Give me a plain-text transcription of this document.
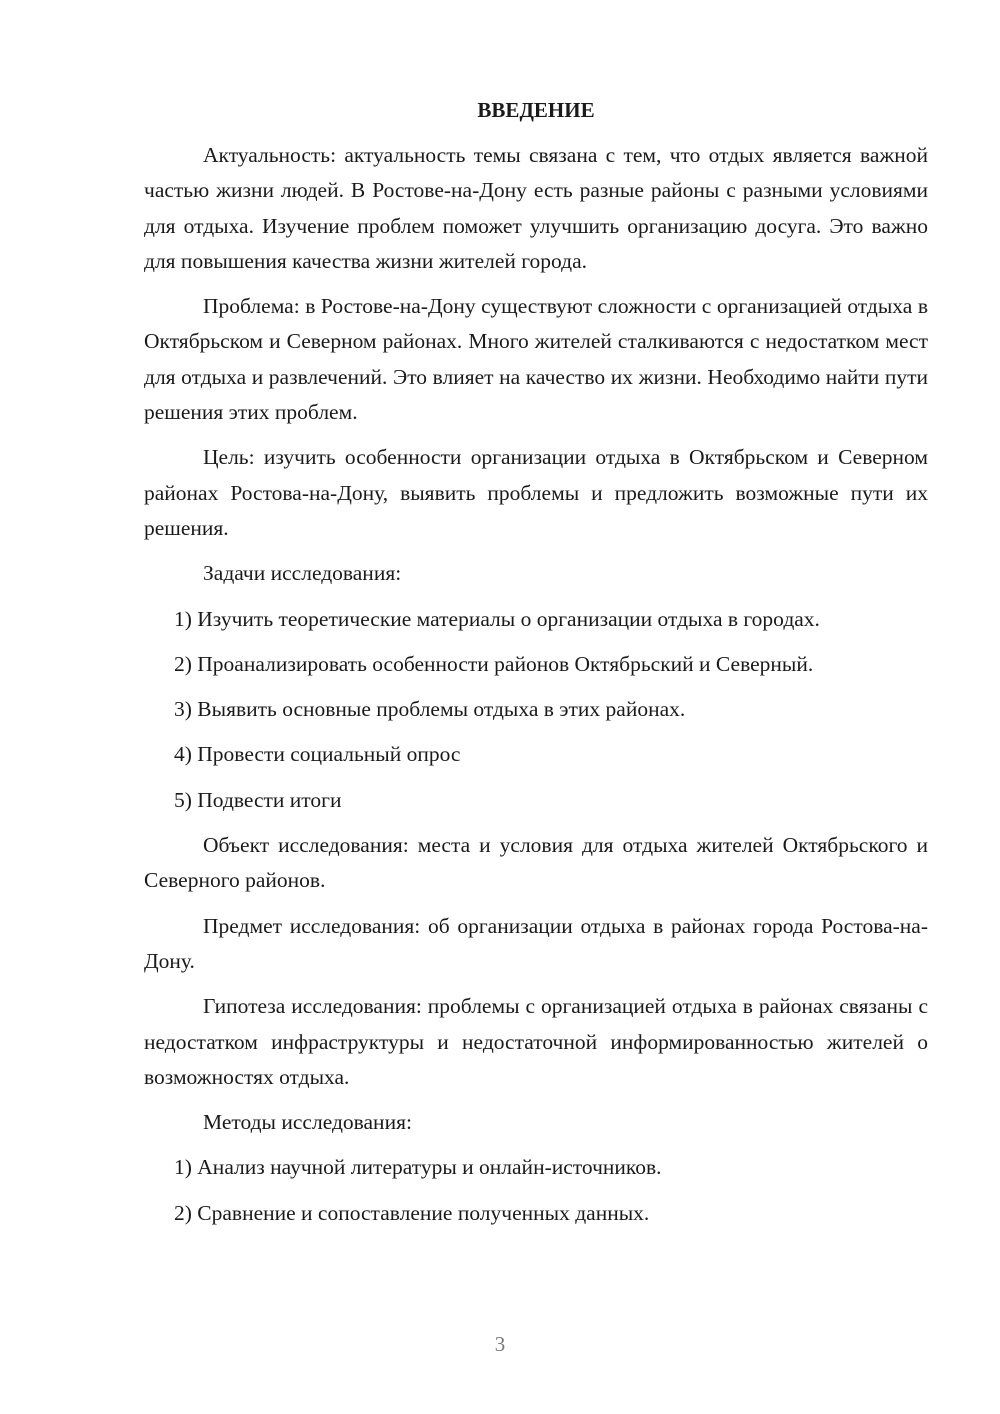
ВВЕДЕНИЕ

Актуальность: актуальность темы связана с тем, что отдых является важной частью жизни людей. В Ростове-на-Дону есть разные районы с разными условиями для отдыха. Изучение проблем поможет улучшить организацию досуга. Это важно для повышения качества жизни жителей города.

Проблема: в Ростове-на-Дону существуют сложности с организацией отдыха в Октябрьском и Северном районах. Много жителей сталкиваются с недостатком мест для отдыха и развлечений. Это влияет на качество их жизни. Необходимо найти пути решения этих проблем.

Цель: изучить особенности организации отдыха в Октябрьском и Северном районах Ростова-на-Дону, выявить проблемы и предложить возможные пути их решения.

Задачи исследования:

1) Изучить теоретические материалы о организации отдыха в городах.
2) Проанализировать особенности районов Октябрьский и Северный.
3) Выявить основные проблемы отдыха в этих районах.
4) Провести социальный опрос
5) Подвести итоги

Объект исследования: места и условия для отдыха жителей Октябрьского и Северного районов.

Предмет исследования: об организации отдыха в районах города Ростова-на-Дону.

Гипотеза исследования: проблемы с организацией отдыха в районах связаны с недостатком инфраструктуры и недостаточной информированностью жителей о возможностях отдыха.

Методы исследования:

1) Анализ научной литературы и онлайн-источников.
2) Сравнение и сопоставление полученных данных.
3
